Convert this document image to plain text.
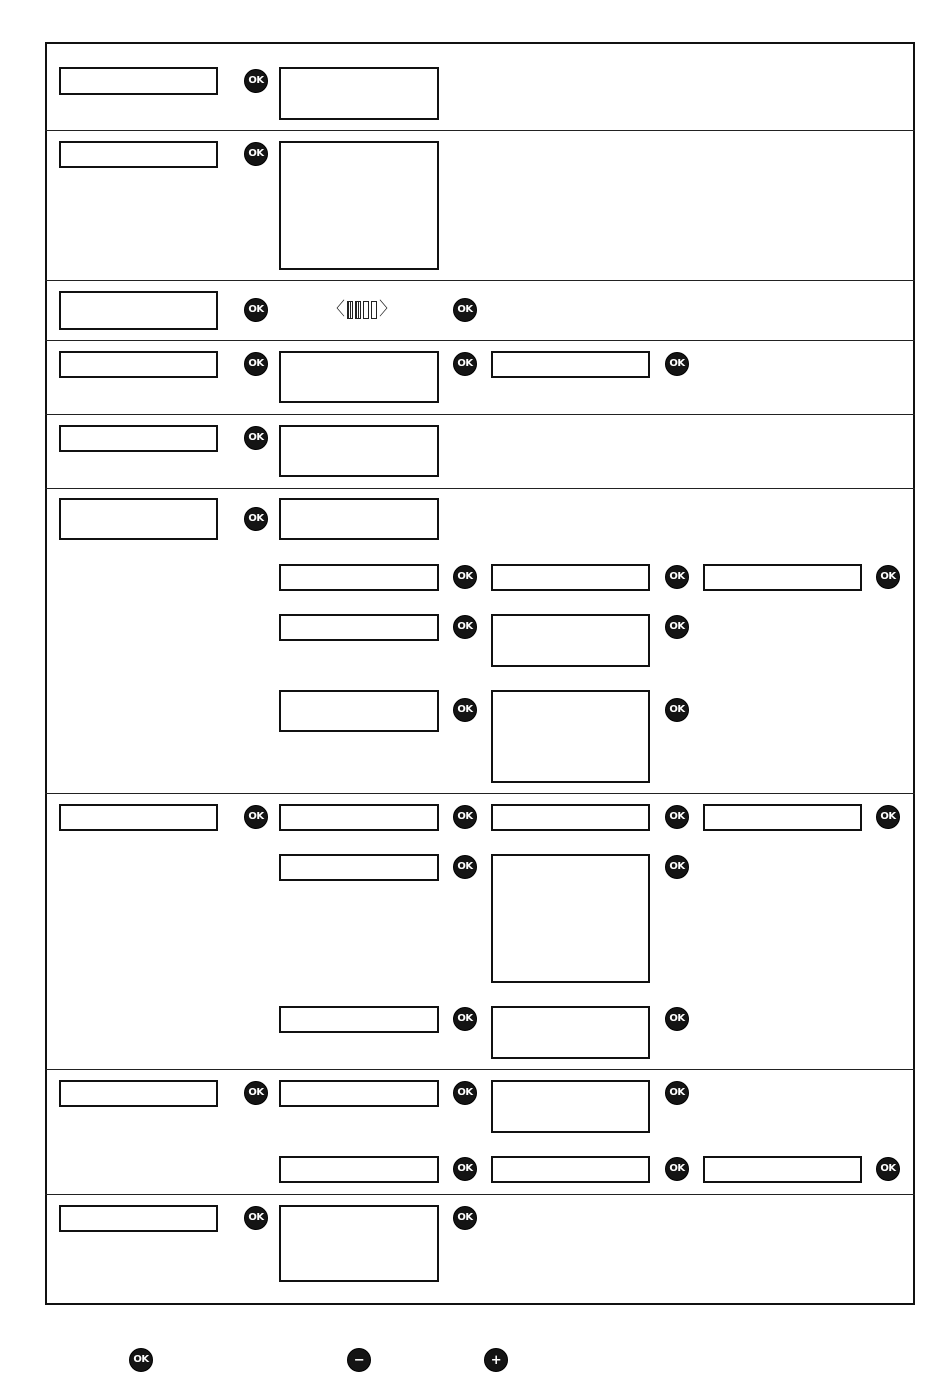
OK
OK
OK	〈 〉	OK
OK	OK	OK
OK
OK
OK	OK	OK
OK	OK
OK	OK
OK	OK	OK	OK
OK	OK
OK	OK
OK	OK	OK
OK	OK	OK
OK	OK
OK	−	+
